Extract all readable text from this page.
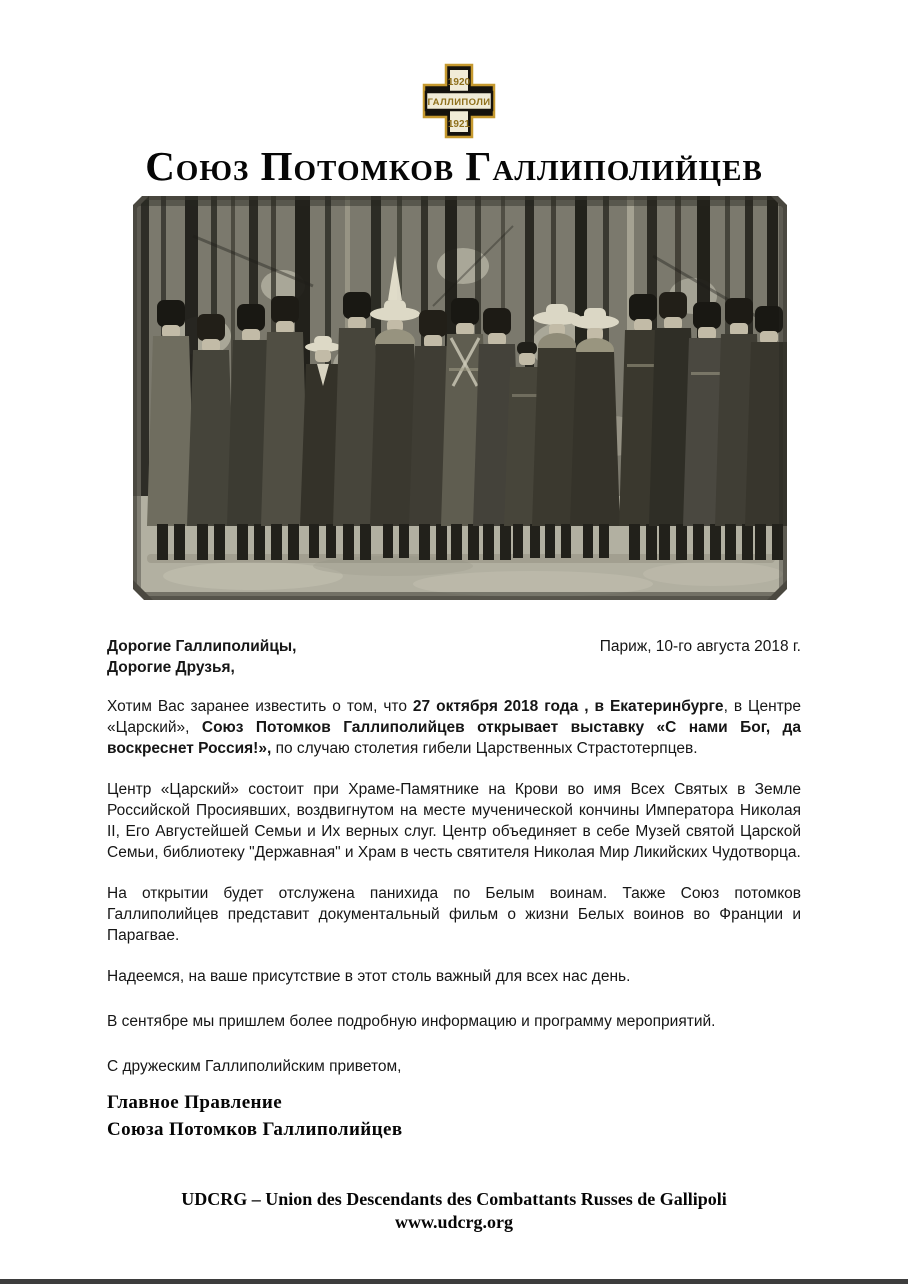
1920
ГАЛЛИПОЛИ
1921
Союз Потомков Галлиполийцев
Дорогие Галлиполийцы,
Дорогие Друзья,
Париж, 10-го августа 2018 г.

Хотим Вас заранее известить о том, что 27 октября 2018 года , в Екатеринбурге, в Центре «Царский», Союз Потомков Галлиполийцев открывает выставку «С нами Бог, да воскреснет Россия!», по случаю столетия гибели Царственных Страстотерпцев.

Центр «Царский» состоит при Храме-Памятнике на Крови во имя Всех Святых в Земле Российской Просиявших, воздвигнутом на месте мученической кончины Императора Николая II, Его Августейшей Семьи и Их верных слуг. Центр объединяет в себе Музей святой Царской Семьи, библиотеку "Державная" и Храм в честь святителя Николая Мир Ликийских Чудотворца.

На открытии будет отслужена панихида по Белым воинам. Также Союз потомков Галлиполийцев представит документальный фильм о жизни Белых воинов во Франции и Парагвае.

Надеемся, на ваше присутствие в этот столь важный для всех нас день.

В сентябре мы пришлем более подробную информацию и программу мероприятий.

С дружеским Галлиполийским приветом,

Главное Правление
Союза Потомков Галлиполийцев
UDCRG – Union des Descendants des Combattants Russes de Gallipoli
www.udcrg.org
